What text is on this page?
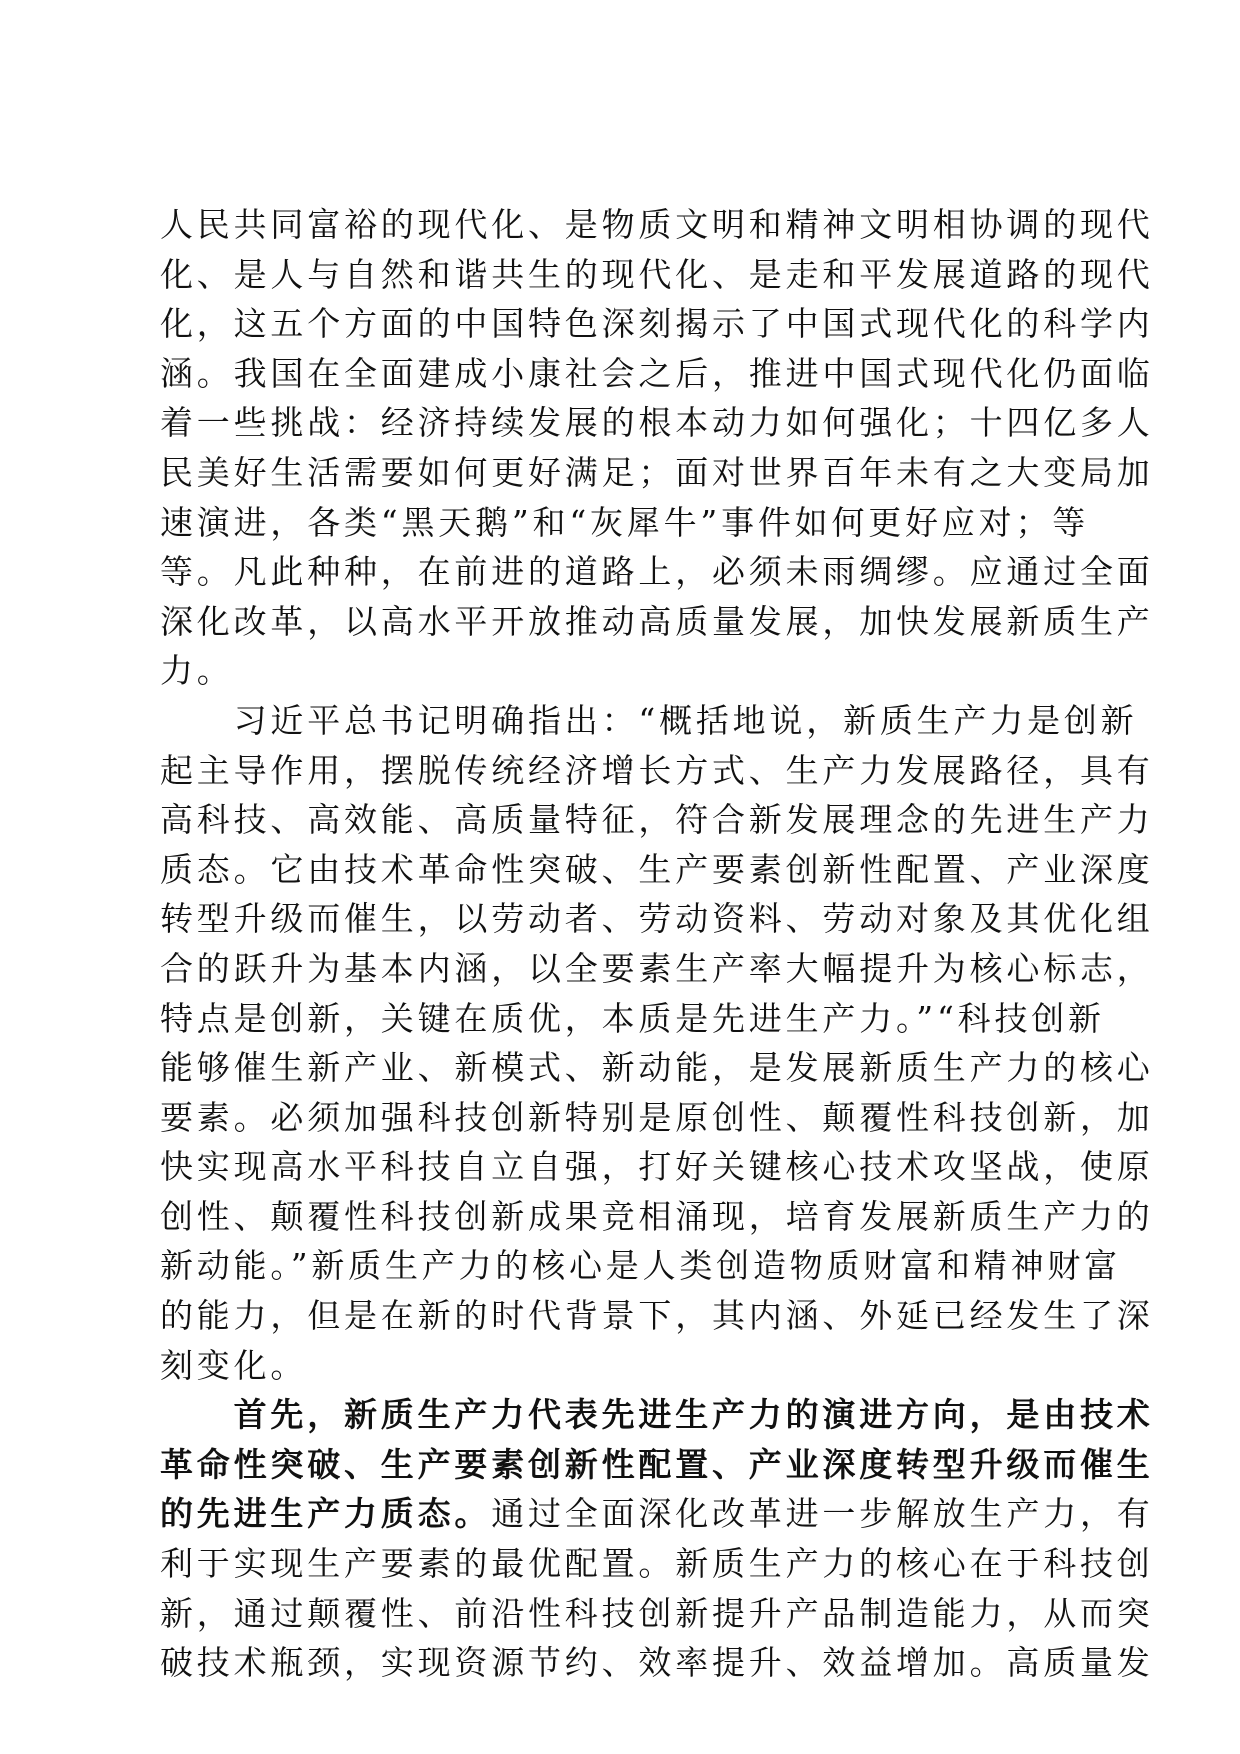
人民共同富裕的现代化、是物质文明和精神文明相协调的现代
化、是人与自然和谐共生的现代化、是走和平发展道路的现代
化，这五个方面的中国特色深刻揭示了中国式现代化的科学内
涵。我国在全面建成小康社会之后，推进中国式现代化仍面临
着一些挑战：经济持续发展的根本动力如何强化；十四亿多人
民美好生活需要如何更好满足；面对世界百年未有之大变局加
速演进，各类“黑天鹅”和“灰犀牛”事件如何更好应对；等
等。凡此种种，在前进的道路上，必须未雨绸缪。应通过全面
深化改革，以高水平开放推动高质量发展，加快发展新质生产
力。
　　习近平总书记明确指出：“概括地说，新质生产力是创新
起主导作用，摆脱传统经济增长方式、生产力发展路径，具有
高科技、高效能、高质量特征，符合新发展理念的先进生产力
质态。它由技术革命性突破、生产要素创新性配置、产业深度
转型升级而催生，以劳动者、劳动资料、劳动对象及其优化组
合的跃升为基本内涵，以全要素生产率大幅提升为核心标志，
特点是创新，关键在质优，本质是先进生产力。”“科技创新
能够催生新产业、新模式、新动能，是发展新质生产力的核心
要素。必须加强科技创新特别是原创性、颠覆性科技创新，加
快实现高水平科技自立自强，打好关键核心技术攻坚战，使原
创性、颠覆性科技创新成果竞相涌现，培育发展新质生产力的
新动能。”新质生产力的核心是人类创造物质财富和精神财富
的能力，但是在新的时代背景下，其内涵、外延已经发生了深
刻变化。
　　首先，新质生产力代表先进生产力的演进方向，是由技术
革命性突破、生产要素创新性配置、产业深度转型升级而催生
的先进生产力质态。通过全面深化改革进一步解放生产力，有
利于实现生产要素的最优配置。新质生产力的核心在于科技创
新，通过颠覆性、前沿性科技创新提升产品制造能力，从而突
破技术瓶颈，实现资源节约、效率提升、效益增加。高质量发
